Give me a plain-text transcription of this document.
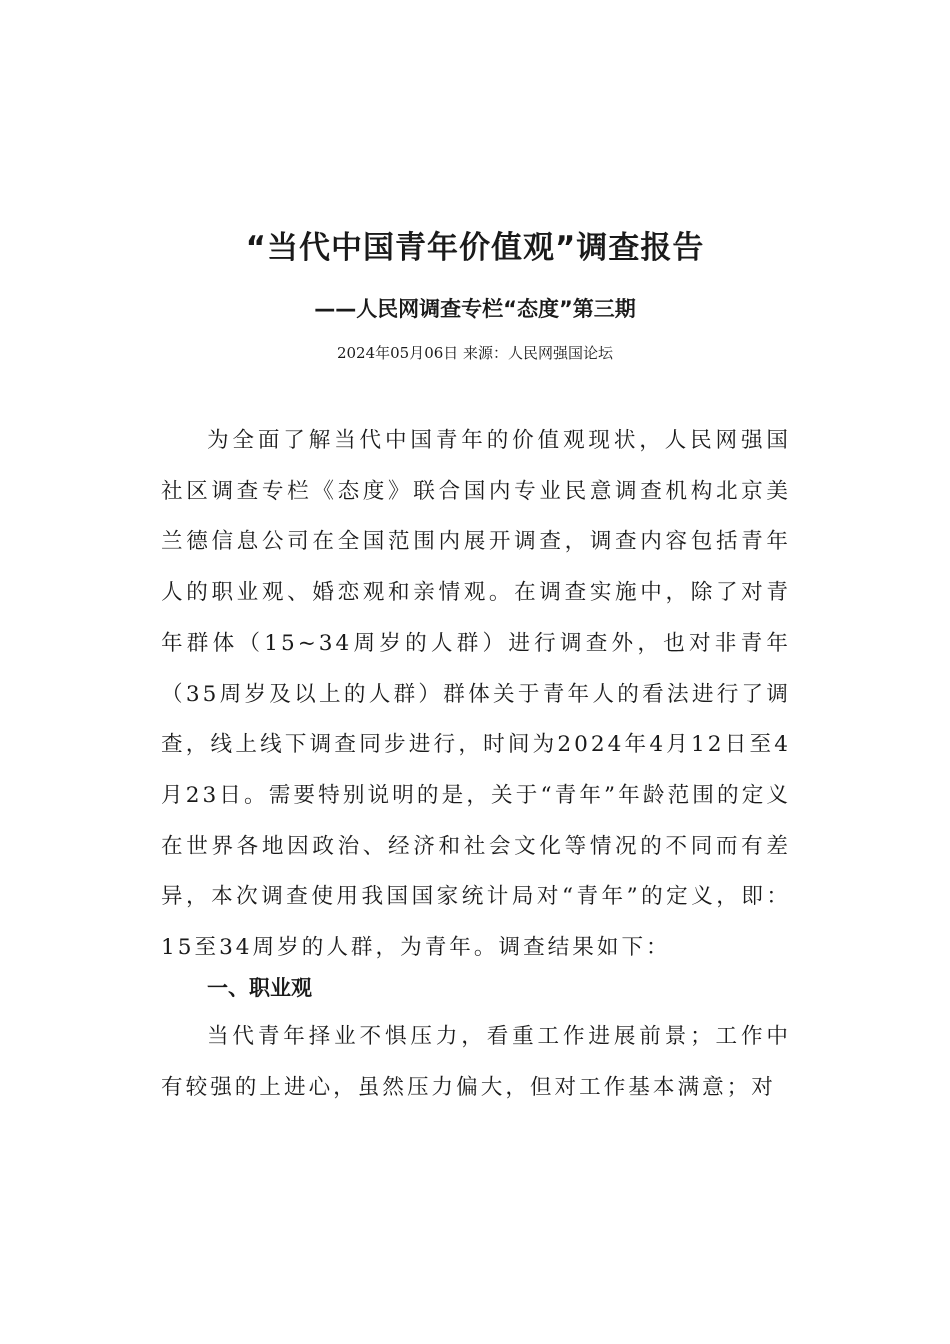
“当代中国青年价值观”调查报告
——人民网调查专栏“态度”第三期
2024年05月06日 来源：人民网强国论坛

为全面了解当代中国青年的价值观现状，人民网强国社区调查专栏《态度》联合国内专业民意调查机构北京美兰德信息公司在全国范围内展开调查，调查内容包括青年人的职业观、婚恋观和亲情观。在调查实施中，除了对青年群体（15~34周岁的人群）进行调查外，也对非青年（35周岁及以上的人群）群体关于青年人的看法进行了调查，线上线下调查同步进行，时间为2024年4月12日至4月23日。需要特别说明的是，关于“青年”年龄范围的定义在世界各地因政治、经济和社会文化等情况的不同而有差异，本次调查使用我国国家统计局对“青年”的定义，即：15至34周岁的人群，为青年。调查结果如下：

一、职业观

当代青年择业不惧压力，看重工作进展前景；工作中有较强的上进心，虽然压力偏大，但对工作基本满意；对
